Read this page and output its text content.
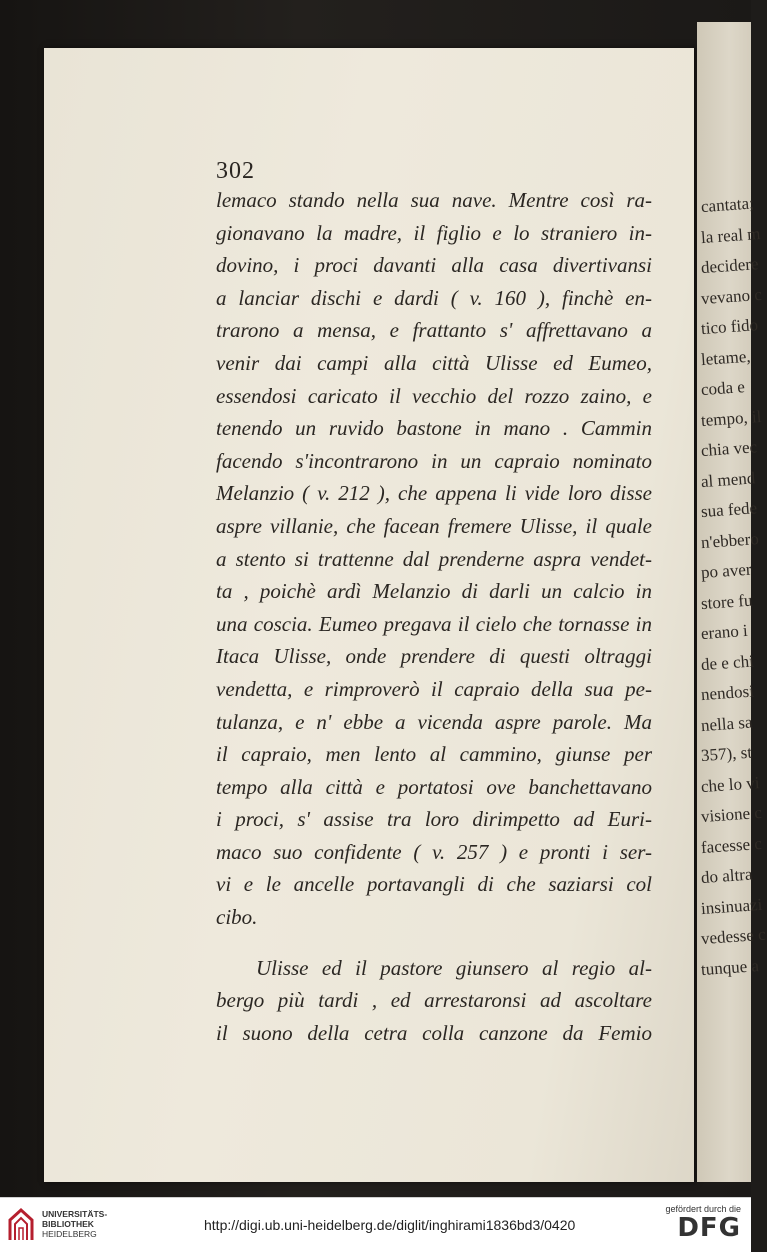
302
lemaco stando nella sua nave. Mentre così ra-
gionavano la madre, il figlio e lo straniero in-
dovino, i proci davanti alla casa divertivansi
a lanciar dischi e dardi ( v. 160 ), finchè en-
trarono a mensa, e frattanto s' affrettavano a
venir dai campi alla città Ulisse ed Eumeo,
essendosi caricato il vecchio del rozzo zaino, e
tenendo un ruvido bastone in mano . Cammin
facendo s'incontrarono in un capraio nominato
Melanzio ( v. 212 ), che appena li vide loro disse
aspre villanie, che facean fremere Ulisse, il quale
a stento si trattenne dal prenderne aspra vendet-
ta , poichè ardì Melanzio di darli un calcio in
una coscia. Eumeo pregava il cielo che tornasse in
Itaca Ulisse, onde prendere di questi oltraggi
vendetta, e rimproverò il capraio della sua pe-
tulanza, e n' ebbe a vicenda aspre parole. Ma
il capraio, men lento al cammino, giunse per
tempo alla città e portatosi ove banchettavano
i proci, s' assise tra loro dirimpetto ad Euri-
maco suo confidente ( v. 257 ) e pronti i ser-
vi e le ancelle portavangli di che saziarsi col
cibo.
Ulisse ed il pastore giunsero al regio al-
bergo più tardi , ed arrestaronsi ad ascoltare
il suono della cetra colla canzone da Femio
cantata;
la real m
decidere
vevano c
tico fido
letame,
coda e
tempo, il
chia vec
al mend
sua fede
n'ebbero
po aver
store fu
erano i
de e chi
nendosi
nella sa
357), st
che lo vi
visione c
facesse c
do altra
insinuazi
vedesse c
tunque a
UNIVERSITÄTS-
BIBLIOTHEK
HEIDELBERG
http://digi.ub.uni-heidelberg.de/diglit/inghirami1836bd3/0420
gefördert durch die
DFG
